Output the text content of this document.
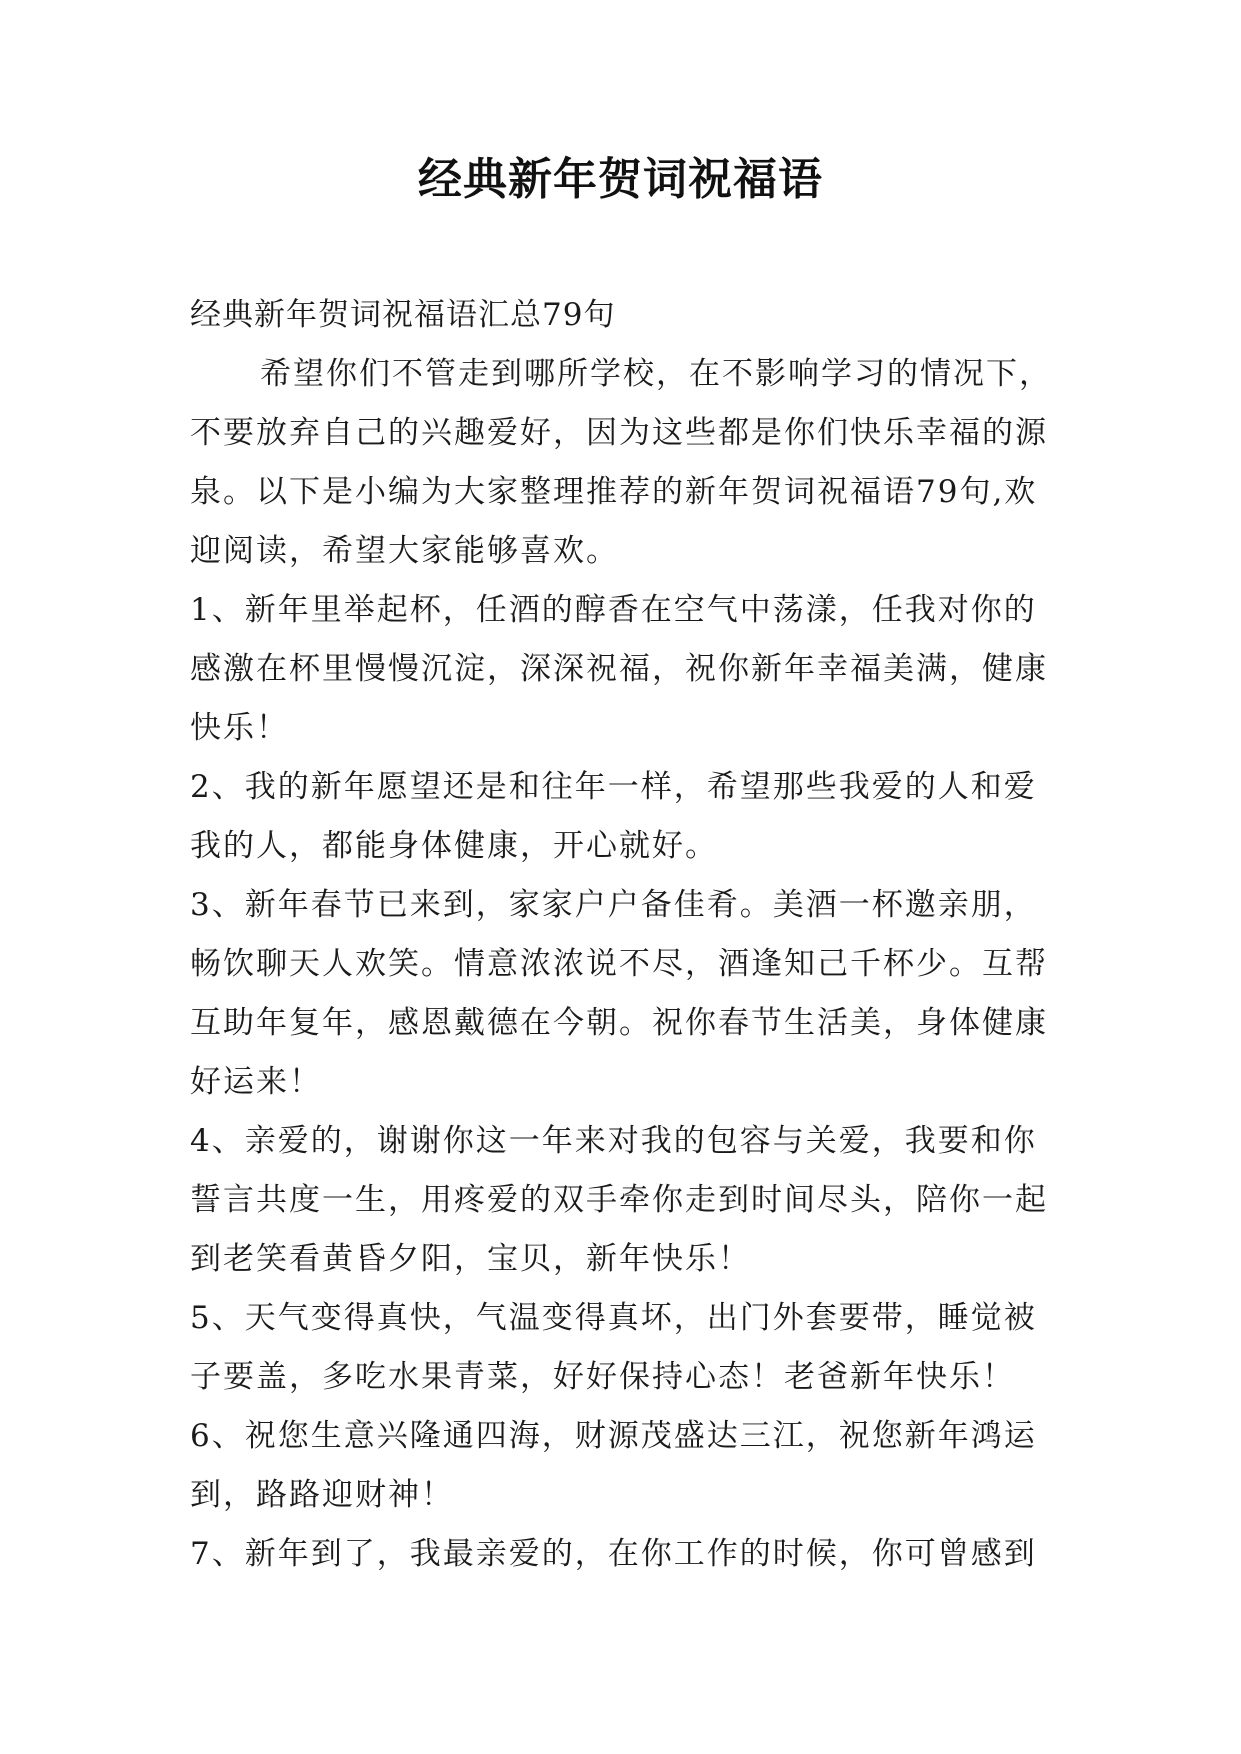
经典新年贺词祝福语
经典新年贺词祝福语汇总79句
希望你们不管走到哪所学校，在不影响学习的情况下，
不要放弃自己的兴趣爱好，因为这些都是你们快乐幸福的源
泉。以下是小编为大家整理推荐的新年贺词祝福语79句,欢
迎阅读，希望大家能够喜欢。
1、新年里举起杯，任酒的醇香在空气中荡漾，任我对你的
感激在杯里慢慢沉淀，深深祝福，祝你新年幸福美满，健康
快乐！
2、我的新年愿望还是和往年一样，希望那些我爱的人和爱
我的人，都能身体健康，开心就好。
3、新年春节已来到，家家户户备佳肴。美酒一杯邀亲朋，
畅饮聊天人欢笑。情意浓浓说不尽，酒逢知己千杯少。互帮
互助年复年，感恩戴德在今朝。祝你春节生活美，身体健康
好运来！
4、亲爱的，谢谢你这一年来对我的包容与关爱，我要和你
誓言共度一生，用疼爱的双手牵你走到时间尽头，陪你一起
到老笑看黄昏夕阳，宝贝，新年快乐！
5、天气变得真快，气温变得真坏，出门外套要带，睡觉被
子要盖，多吃水果青菜，好好保持心态！老爸新年快乐！
6、祝您生意兴隆通四海，财源茂盛达三江，祝您新年鸿运
到，路路迎财神！
7、新年到了，我最亲爱的，在你工作的时候，你可曾感到
